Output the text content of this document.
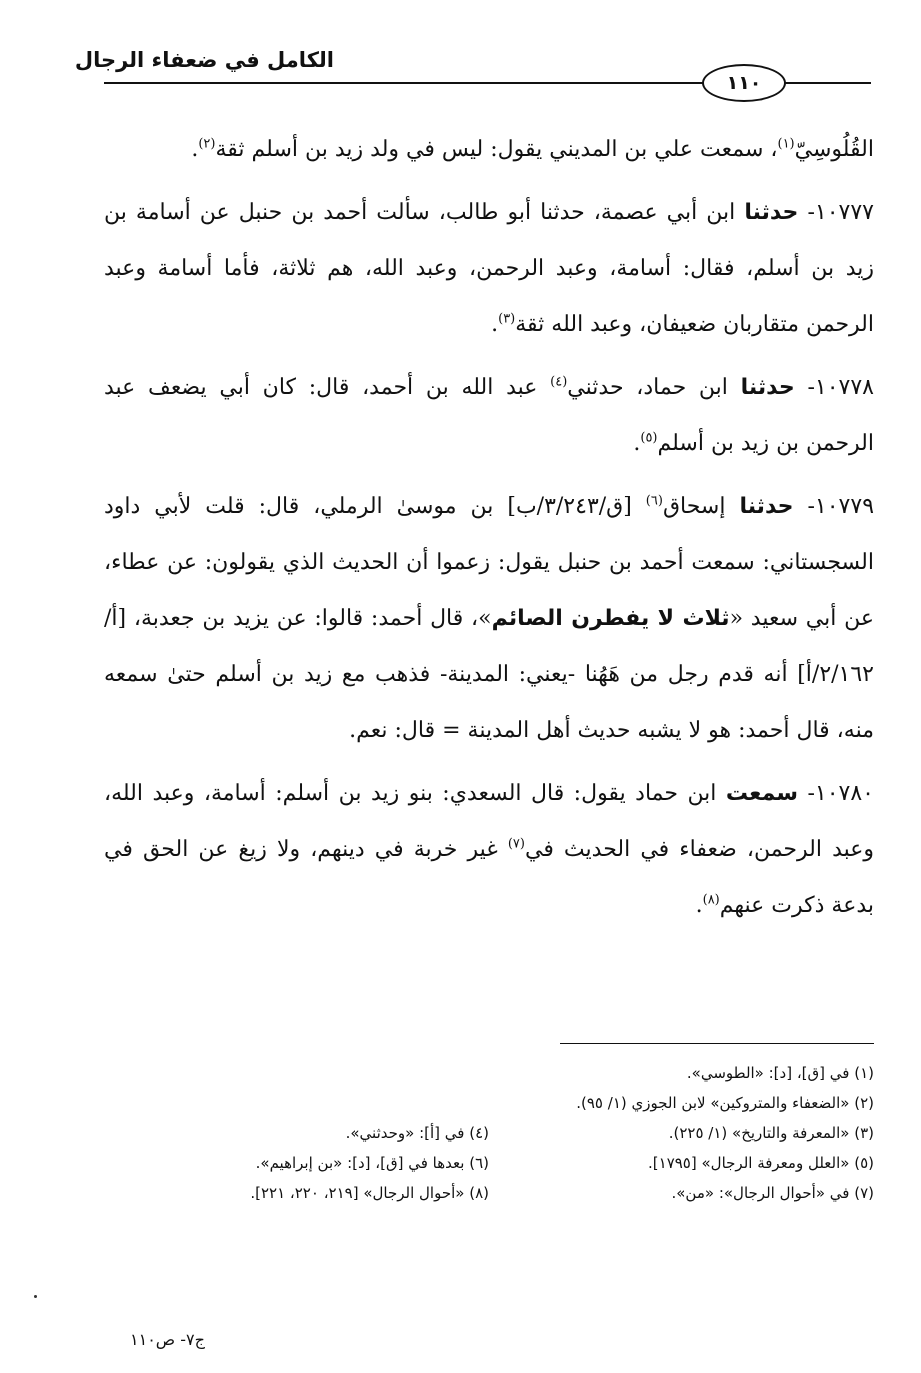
الكامل في ضعفاء الرجال
١١٠

القُلُوسِيّ$^{(١)}$، سمعت علي بن المديني يقول: ليس في ولد زيد بن أسلم ثقة$^{(٢)}$.

١٠٧٧٧- حدثنا ابن أبي عصمة، حدثنا أبو طالب، سألت أحمد بن حنبل عن أسامة بن زيد بن أسلم، فقال: أسامة، وعبد الرحمن، وعبد الله، هم ثلاثة، فأما أسامة وعبد الرحمن متقاربان ضعيفان، وعبد الله ثقة$^{(٣)}$.

١٠٧٧٨- حدثنا ابن حماد، حدثني$^{(٤)}$ عبد الله بن أحمد، قال: كان أبي يضعف عبد الرحمن بن زيد بن أسلم$^{(٥)}$.

١٠٧٧٩- حدثنا إسحاق$^{(٦)}$ [ق/٣/٢٤٣/ب] بن موسىٰ الرملي، قال: قلت لأبي داود السجستاني: سمعت أحمد بن حنبل يقول: زعموا أن الحديث الذي يقولون: عن عطاء، عن أبي سعيد «ثلاث لا يفطرن الصائم»، قال أحمد: قالوا: عن يزيد بن جعدبة، [أ/٢/١٦٢/أ] أنه قدم رجل من هَهُنا -يعني: المدينة- فذهب مع زيد بن أسلم حتىٰ سمعه منه، قال أحمد: هو لا يشبه حديث أهل المدينة = قال: نعم.

١٠٧٨٠- سمعت ابن حماد يقول: قال السعدي: بنو زيد بن أسلم: أسامة، وعبد الله، وعبد الرحمن، ضعفاء في الحديث في$^{(٧)}$ غير خربة في دينهم، ولا زيغ عن الحق في بدعة ذكرت عنهم$^{(٨)}$.

(١) في [ق]، [د]: «الطوسي».
(٢) «الضعفاء والمتروكين» لابن الجوزي (١/ ٩٥).
(٣) «المعرفة والتاريخ» (١/ ٢٢٥).
(٤) في [أ]: «وحدثني».
(٥) «العلل ومعرفة الرجال» [١٧٩٥].
(٦) بعدها في [ق]، [د]: «بن إبراهيم».
(٧) في «أحوال الرجال»: «من».
(٨) «أحوال الرجال» [٢١٩، ٢٢٠، ٢٢١].
ج٧- ص١١٠
